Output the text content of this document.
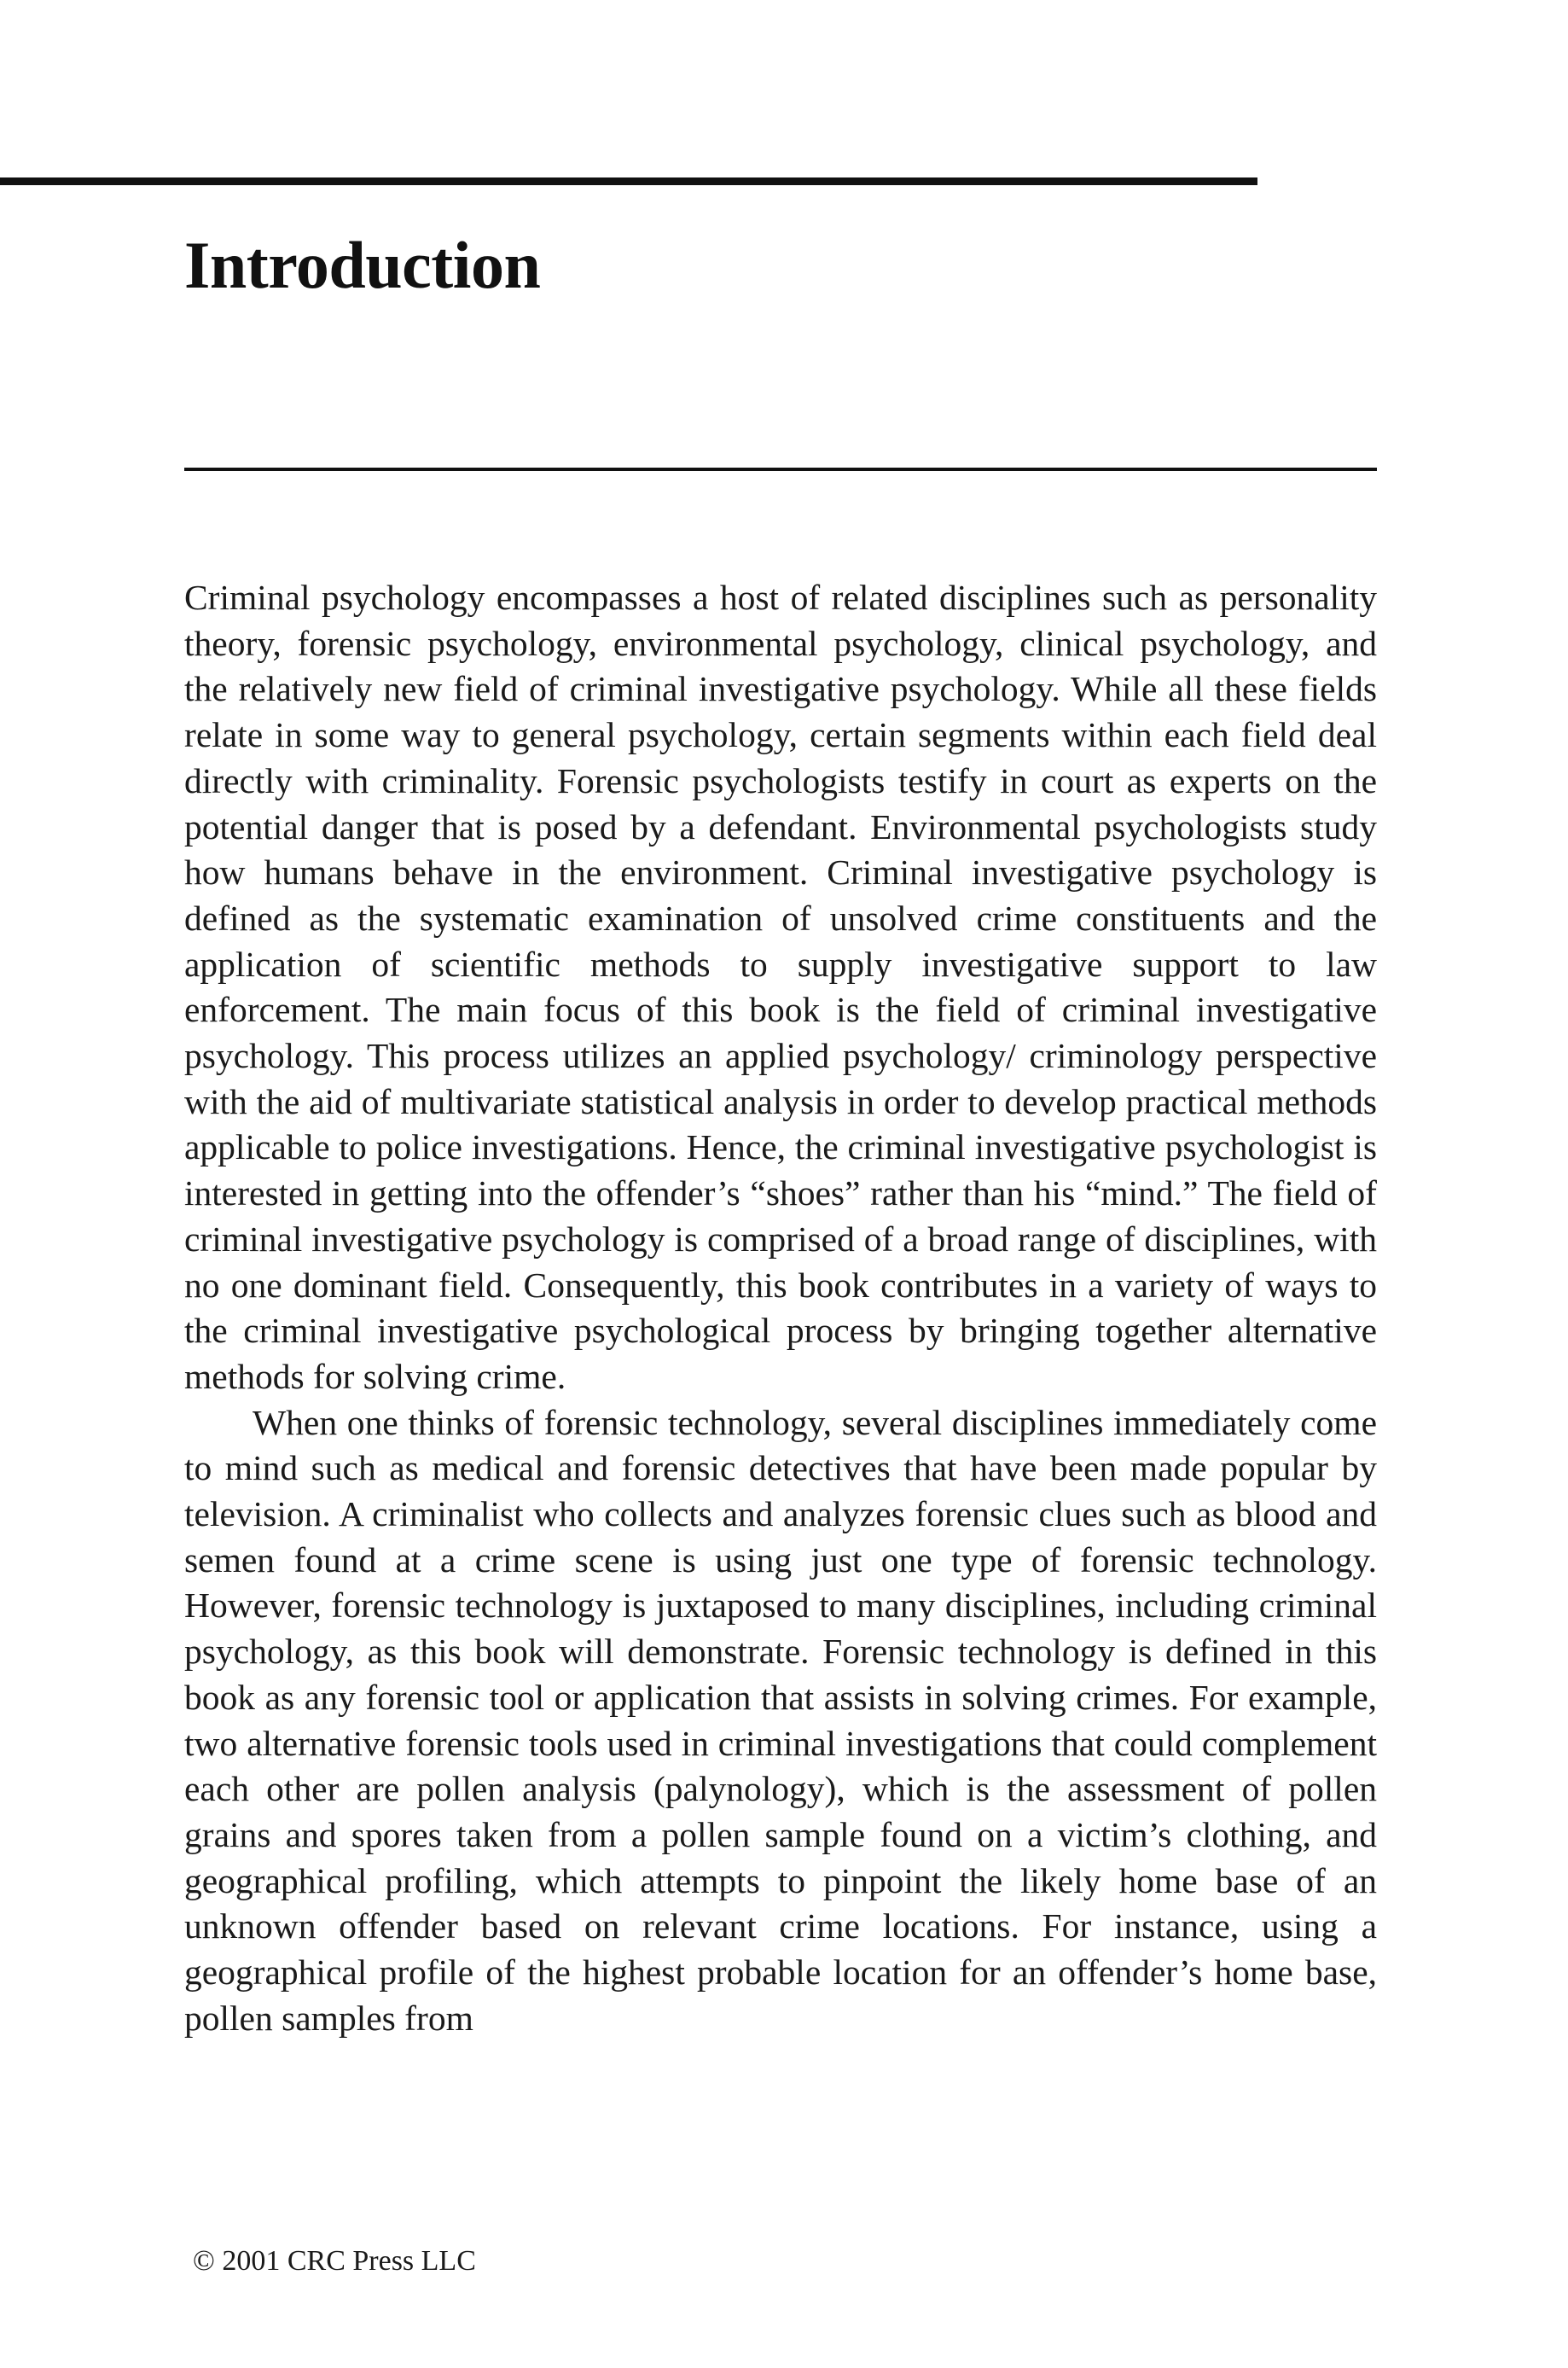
Introduction

Criminal psychology encompasses a host of related disciplines such as personality theory, forensic psychology, environmental psychology, clinical psychology, and the relatively new field of criminal investigative psychology. While all these fields relate in some way to general psychology, certain segments within each field deal directly with criminality. Forensic psychologists testify in court as experts on the potential danger that is posed by a defendant. Environmental psychologists study how humans behave in the environment. Criminal investigative psychology is defined as the systematic examination of unsolved crime constituents and the application of scientific methods to supply investigative support to law enforcement. The main focus of this book is the field of criminal investigative psychology. This process utilizes an applied psychology/ criminology perspective with the aid of multivariate statistical analysis in order to develop practical methods applicable to police investigations. Hence, the criminal investigative psychologist is interested in getting into the offender’s “shoes” rather than his “mind.” The field of criminal investigative psychology is comprised of a broad range of disciplines, with no one dominant field. Consequently, this book contributes in a variety of ways to the criminal investigative psychological process by bringing together alternative methods for solving crime.

When one thinks of forensic technology, several disciplines immediately come to mind such as medical and forensic detectives that have been made popular by television. A criminalist who collects and analyzes forensic clues such as blood and semen found at a crime scene is using just one type of forensic technology. However, forensic technology is juxtaposed to many disciplines, including criminal psychology, as this book will demonstrate. Forensic technology is defined in this book as any forensic tool or application that assists in solving crimes. For example, two alternative forensic tools used in criminal investigations that could complement each other are pollen analysis (palynology), which is the assessment of pollen grains and spores taken from a pollen sample found on a victim’s clothing, and geographical profiling, which attempts to pinpoint the likely home base of an unknown offender based on relevant crime locations. For instance, using a geographical profile of the highest probable location for an offender’s home base, pollen samples from

© 2001 CRC Press LLC
